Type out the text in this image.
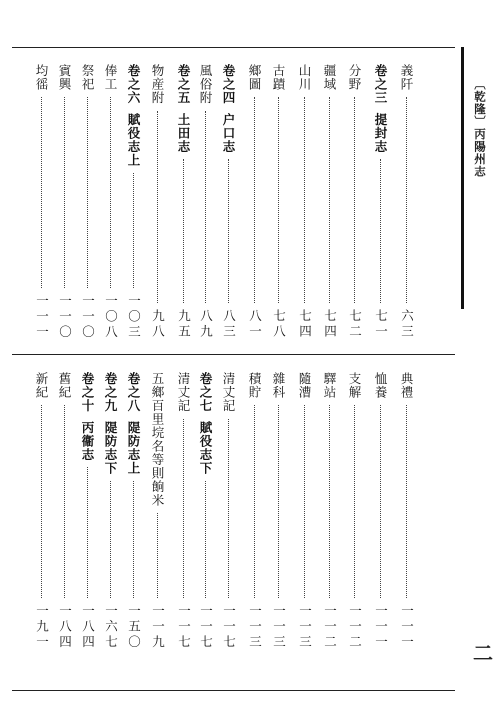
〔乾隆〕丙陽州志
二
義阡
六三
卷之三
提封志
七一
分野
七二
疆域
七四
山川
七四
古蹟
七八
鄉圖
八一
卷之四
户口志
八三
風俗附
八九
卷之五
土田志
九五
物産附
九八
卷之六
賦役志上
一〇三
俸工
一〇八
祭祀
一一〇
賓興
一一〇
均徭
一一一
典禮
一一一
恤養
一一一
支解
一一二
驛站
一一二
隨漕
一一三
雜科
一一三
積貯
一一三
清丈記
一一七
卷之七
賦役志下
一一七
清丈記
一一七
五鄉百里垸名等則餉米
一一九
卷之八
隄防志上
一五〇
卷之九
隄防志下
一六七
卷之十
丙衞志
一八四
舊紀
一八四
新紀
一九一
